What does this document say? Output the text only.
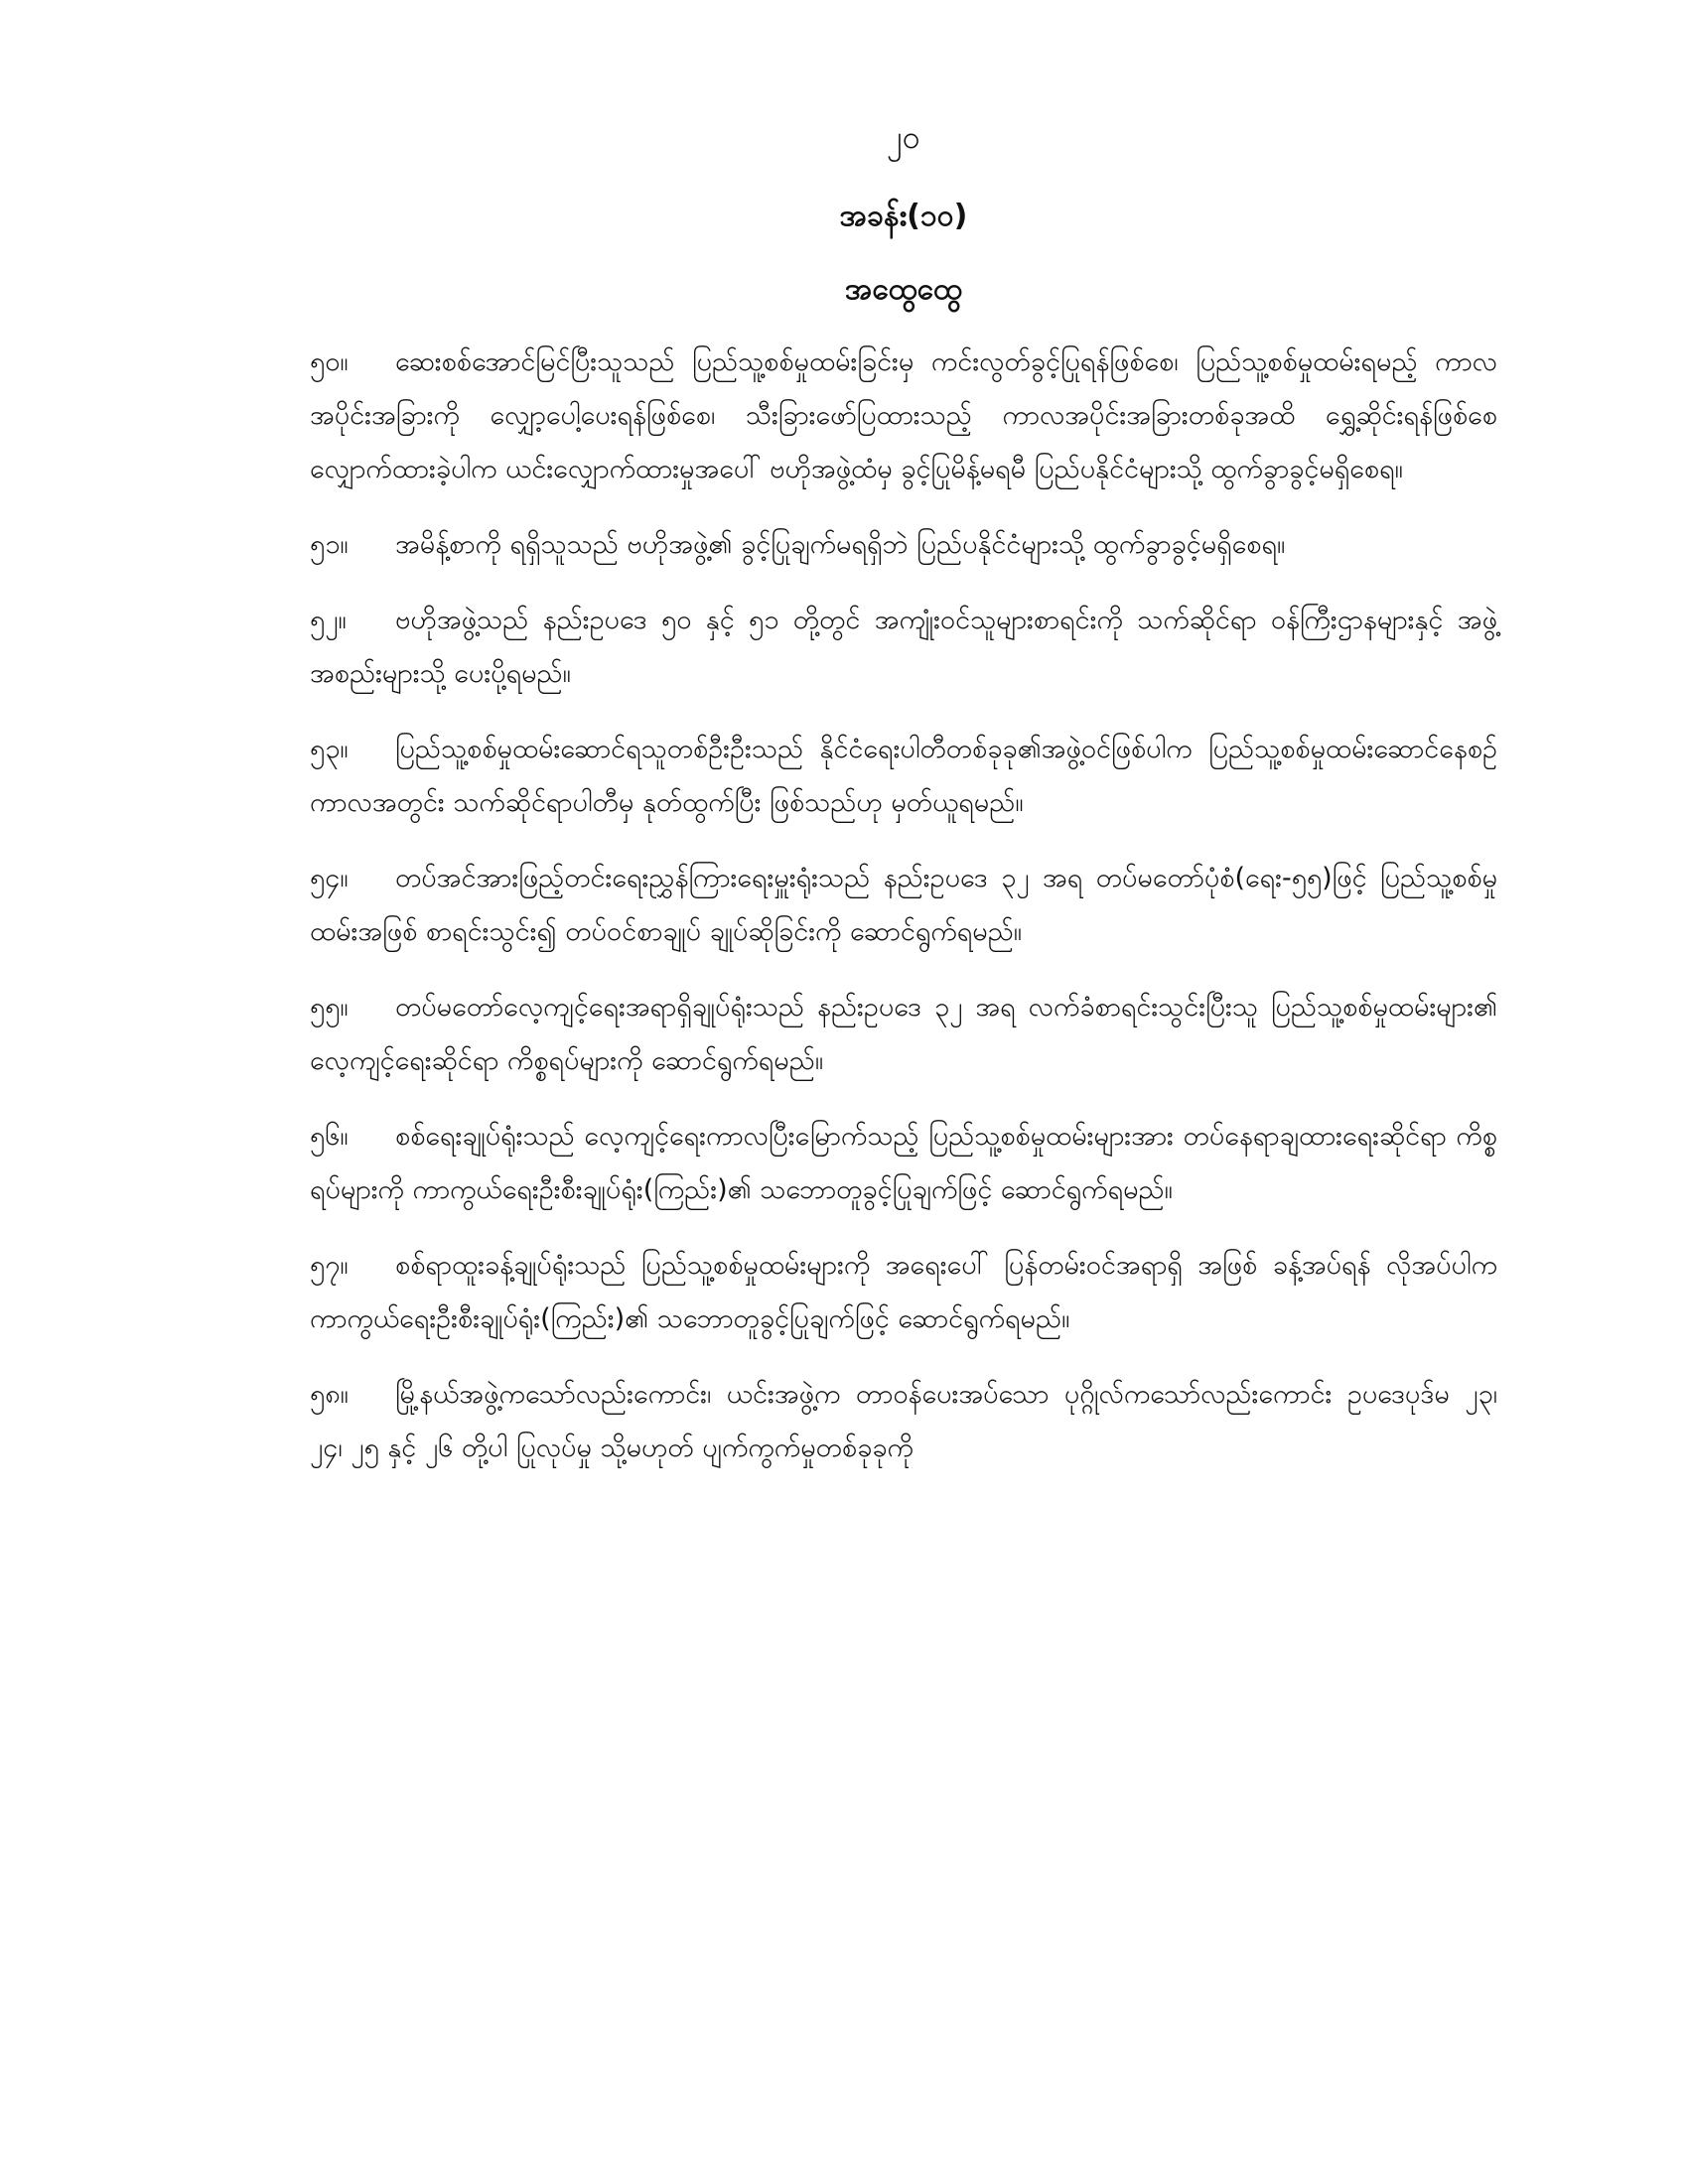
၂၀
အခန်း(၁၀)
အထွေထွေ

၅၀။ ဆေးစစ်အောင်မြင်ပြီးသူသည် ပြည်သူ့စစ်မှုထမ်းခြင်းမှ ကင်းလွတ်ခွင့်ပြုရန်ဖြစ်စေ၊ ပြည်သူ့စစ်မှုထမ်းရမည့် ကာလအပိုင်းအခြားကို လျှော့ပေါ့ပေးရန်ဖြစ်စေ၊ သီးခြားဖော်ပြထားသည့် ကာလအပိုင်းအခြားတစ်ခုအထိ ရွှေ့ဆိုင်းရန်ဖြစ်စေ လျှောက်ထားခဲ့ပါက ယင်းလျှောက်ထားမှုအပေါ် ဗဟိုအဖွဲ့ထံမှ ခွင့်ပြုမိန့်မရမီ ပြည်ပနိုင်ငံများသို့ ထွက်ခွာခွင့်မရှိစေရ။

၅၁။ အမိန့်စာကို ရရှိသူသည် ဗဟိုအဖွဲ့၏ ခွင့်ပြုချက်မရရှိဘဲ ပြည်ပနိုင်ငံများသို့ ထွက်ခွာခွင့်မရှိစေရ။

၅၂။ ဗဟိုအဖွဲ့သည် နည်းဥပဒေ ၅၀ နှင့် ၅၁ တို့တွင် အကျုံးဝင်သူများစာရင်းကို သက်ဆိုင်ရာ ဝန်ကြီးဌာနများနှင့် အဖွဲ့အစည်းများသို့ ပေးပို့ရမည်။

၅၃။ ပြည်သူ့စစ်မှုထမ်းဆောင်ရသူတစ်ဦးဦးသည် နိုင်ငံရေးပါတီတစ်ခုခု၏အဖွဲ့ဝင်ဖြစ်ပါက ပြည်သူ့စစ်မှုထမ်းဆောင်နေစဉ်ကာလအတွင်း သက်ဆိုင်ရာပါတီမှ နုတ်ထွက်ပြီး ဖြစ်သည်ဟု မှတ်ယူရမည်။

၅၄။ တပ်အင်အားဖြည့်တင်းရေးညွှန်ကြားရေးမှူးရုံးသည် နည်းဥပဒေ ၃၂ အရ တပ်မတော်ပုံစံ(ရေး-၅၅)ဖြင့် ပြည်သူ့စစ်မှုထမ်းအဖြစ် စာရင်းသွင်း၍ တပ်ဝင်စာချုပ် ချုပ်ဆိုခြင်းကို ဆောင်ရွက်ရမည်။

၅၅။ တပ်မတော်လေ့ကျင့်ရေးအရာရှိချုပ်ရုံးသည် နည်းဥပဒေ ၃၂ အရ လက်ခံစာရင်းသွင်းပြီးသူ ပြည်သူ့စစ်မှုထမ်းများ၏ လေ့ကျင့်ရေးဆိုင်ရာ ကိစ္စရပ်များကို ဆောင်ရွက်ရမည်။

၅၆။ စစ်ရေးချုပ်ရုံးသည် လေ့ကျင့်ရေးကာလပြီးမြောက်သည့် ပြည်သူ့စစ်မှုထမ်းများအား တပ်နေရာချထားရေးဆိုင်ရာ ကိစ္စရပ်များကို ကာကွယ်ရေးဦးစီးချုပ်ရုံး(ကြည်း)၏ သဘောတူခွင့်ပြုချက်ဖြင့် ဆောင်ရွက်ရမည်။

၅၇။ စစ်ရာထူးခန့်ချုပ်ရုံးသည် ပြည်သူ့စစ်မှုထမ်းများကို အရေးပေါ် ပြန်တမ်းဝင်အရာရှိ အဖြစ် ခန့်အပ်ရန် လိုအပ်ပါက ကာကွယ်ရေးဦးစီးချုပ်ရုံး(ကြည်း)၏ သဘောတူခွင့်ပြုချက်ဖြင့် ဆောင်ရွက်ရမည်။

၅၈။ မြို့နယ်အဖွဲ့ကသော်လည်းကောင်း၊ ယင်းအဖွဲ့က တာဝန်ပေးအပ်သော ပုဂ္ဂိုလ်ကသော်လည်းကောင်း ဥပဒေပုဒ်မ ၂၃၊ ၂၄၊ ၂၅ နှင့် ၂၆ တို့ပါ ပြုလုပ်မှု သို့မဟုတ် ပျက်ကွက်မှုတစ်ခုခုကို
